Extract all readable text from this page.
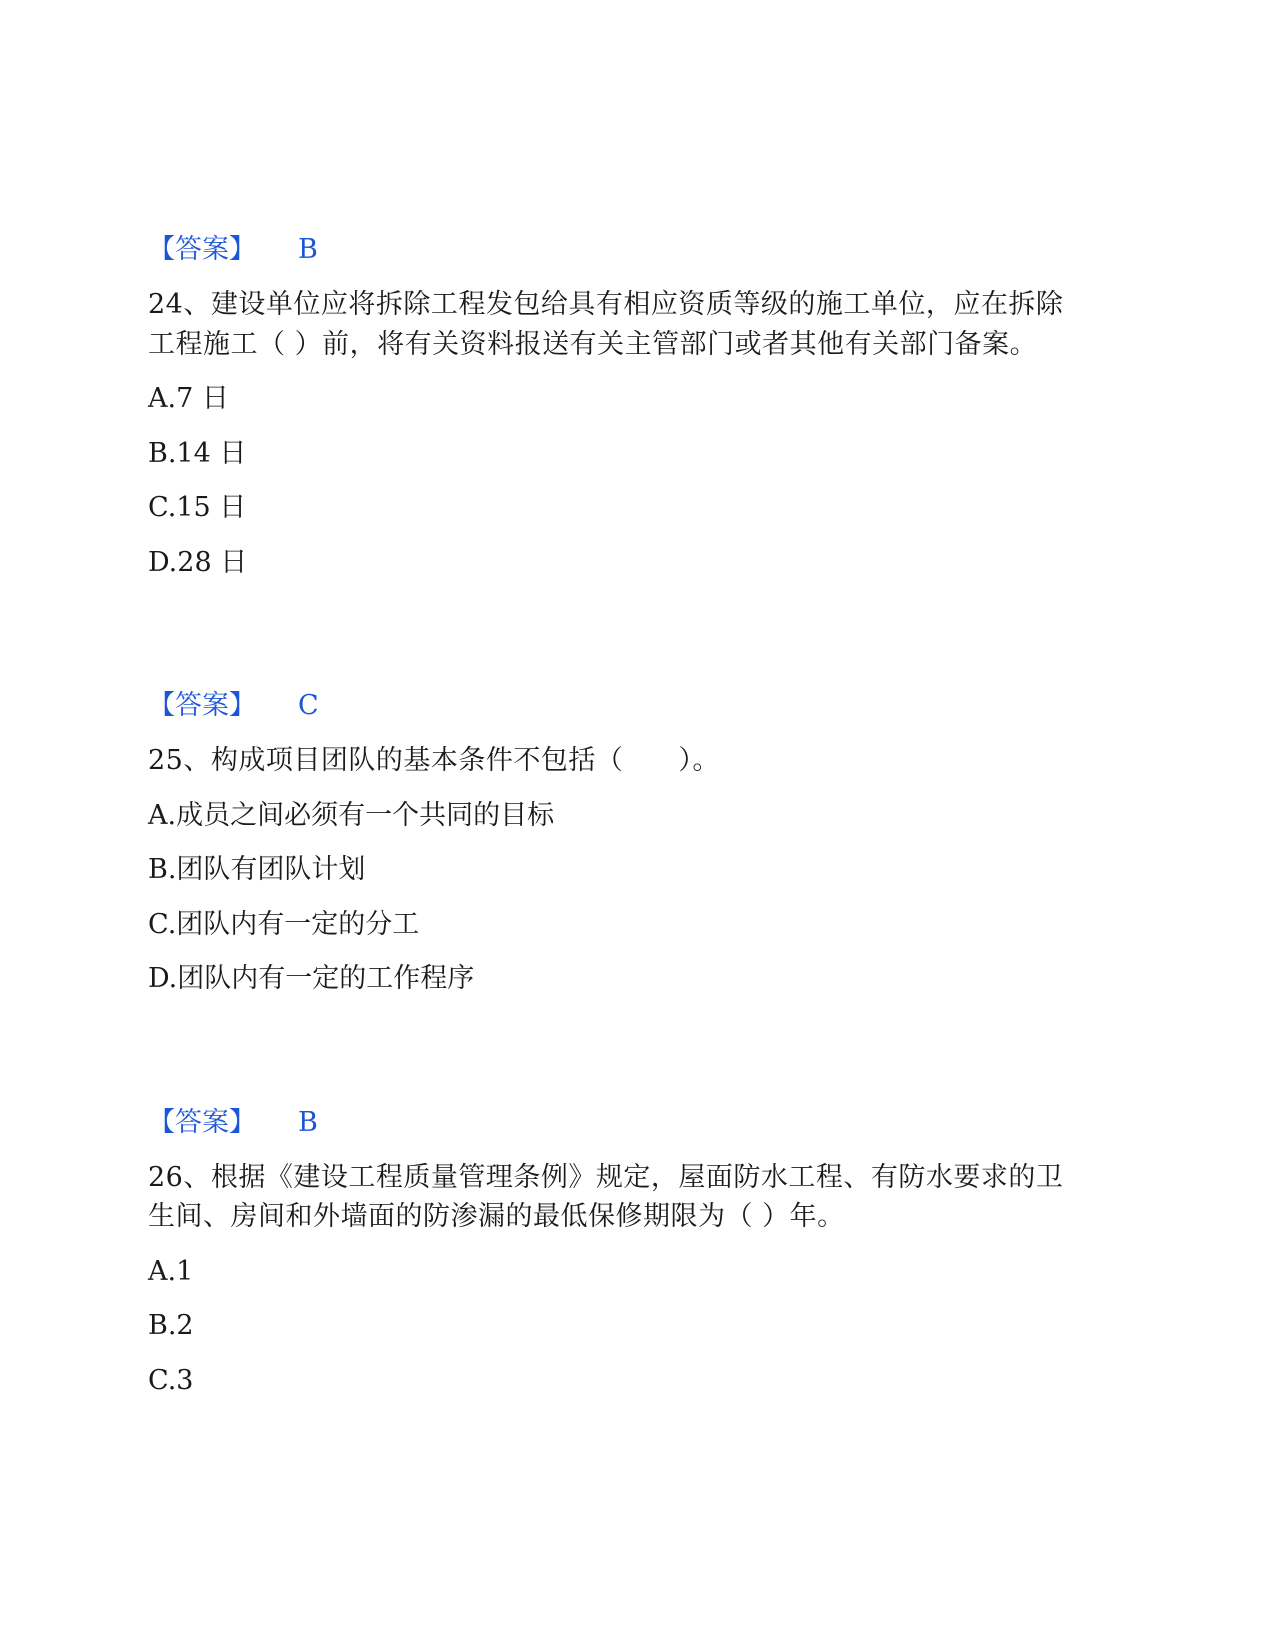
【答案】 B
24、建设单位应将拆除工程发包给具有相应资质等级的施工单位，应在拆除
工程施工（ ）前，将有关资料报送有关主管部门或者其他有关部门备案。
A.7 日
B.14 日
C.15 日
D.28 日
【答案】 C
25、构成项目团队的基本条件不包括（　　）。
A.成员之间必须有一个共同的目标
B.团队有团队计划
C.团队内有一定的分工
D.团队内有一定的工作程序
【答案】 B
26、根据《建设工程质量管理条例》规定，屋面防水工程、有防水要求的卫
生间、房间和外墙面的防渗漏的最低保修期限为（ ）年。
A.1
B.2
C.3
